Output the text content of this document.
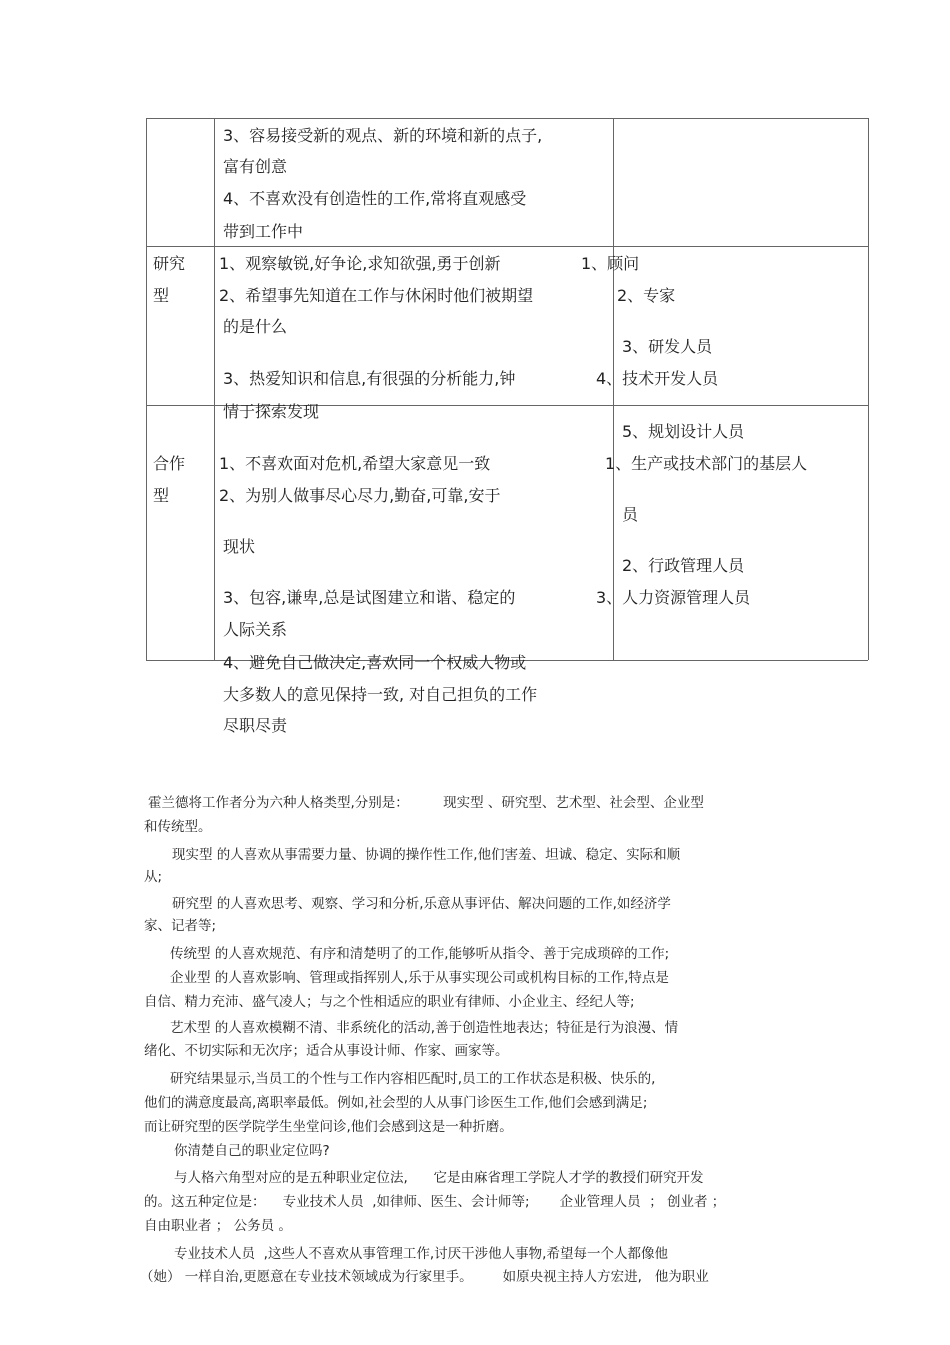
3、容易接受新的观点、新的环境和新的点子,
富有创意
4、不喜欢没有创造性的工作,常将直观感受
带到工作中
研究
型
1、观察敏锐,好争论,求知欲强,勇于创新
2、希望事先知道在工作与休闲时他们被期望
的是什么
3、热爱知识和信息,有很强的分析能力,钟
情于探索发现
1、顾问
2、专家
3、研发人员
4、技术开发人员
5、规划设计人员
合作
型
1、不喜欢面对危机,希望大家意见一致
2、为别人做事尽心尽力,勤奋,可靠,安于
现状
3、包容,谦卑,总是试图建立和谐、稳定的
人际关系
4、避免自己做决定,喜欢同一个权威人物或
大多数人的意见保持一致, 对自己担负的工作
尽职尽责
1、生产或技术部门的基层人
员
2、行政管理人员
3、人力资源管理人员
霍兰德将工作者分为六种人格类型,分别是：        现实型 、研究型、艺术型、社会型、企业型
和传统型。
现实型 的人喜欢从事需要力量、协调的操作性工作,他们害羞、坦诚、稳定、实际和顺
从;
研究型 的人喜欢思考、观察、学习和分析,乐意从事评估、解决问题的工作,如经济学
家、记者等;
传统型 的人喜欢规范、有序和清楚明了的工作,能够听从指令、善于完成琐碎的工作;
企业型 的人喜欢影响、管理或指挥别人,乐于从事实现公司或机构目标的工作,特点是
自信、精力充沛、盛气凌人；与之个性相适应的职业有律师、小企业主、经纪人等;
艺术型 的人喜欢模糊不清、非系统化的活动,善于创造性地表达；特征是行为浪漫、情
绪化、不切实际和无次序；适合从事设计师、作家、画家等。
研究结果显示,当员工的个性与工作内容相匹配时,员工的工作状态是积极、快乐的,
他们的满意度最高,离职率最低。例如,社会型的人从事门诊医生工作,他们会感到满足;
而让研究型的医学院学生坐堂问诊,他们会感到这是一种折磨。
你清楚自己的职业定位吗?
与人格六角型对应的是五种职业定位法,      它是由麻省理工学院人才学的教授们研究开发
的。这五种定位是：    专业技术人员  ,如律师、医生、会计师等;       企业管理人员  ； 创业者 ；
自由职业者 ； 公务员 。
专业技术人员  ,这些人不喜欢从事管理工作,讨厌干涉他人事物,希望每一个人都像他
（她） 一样自治,更愿意在专业技术领域成为行家里手。       如原央视主持人方宏进,   他为职业
